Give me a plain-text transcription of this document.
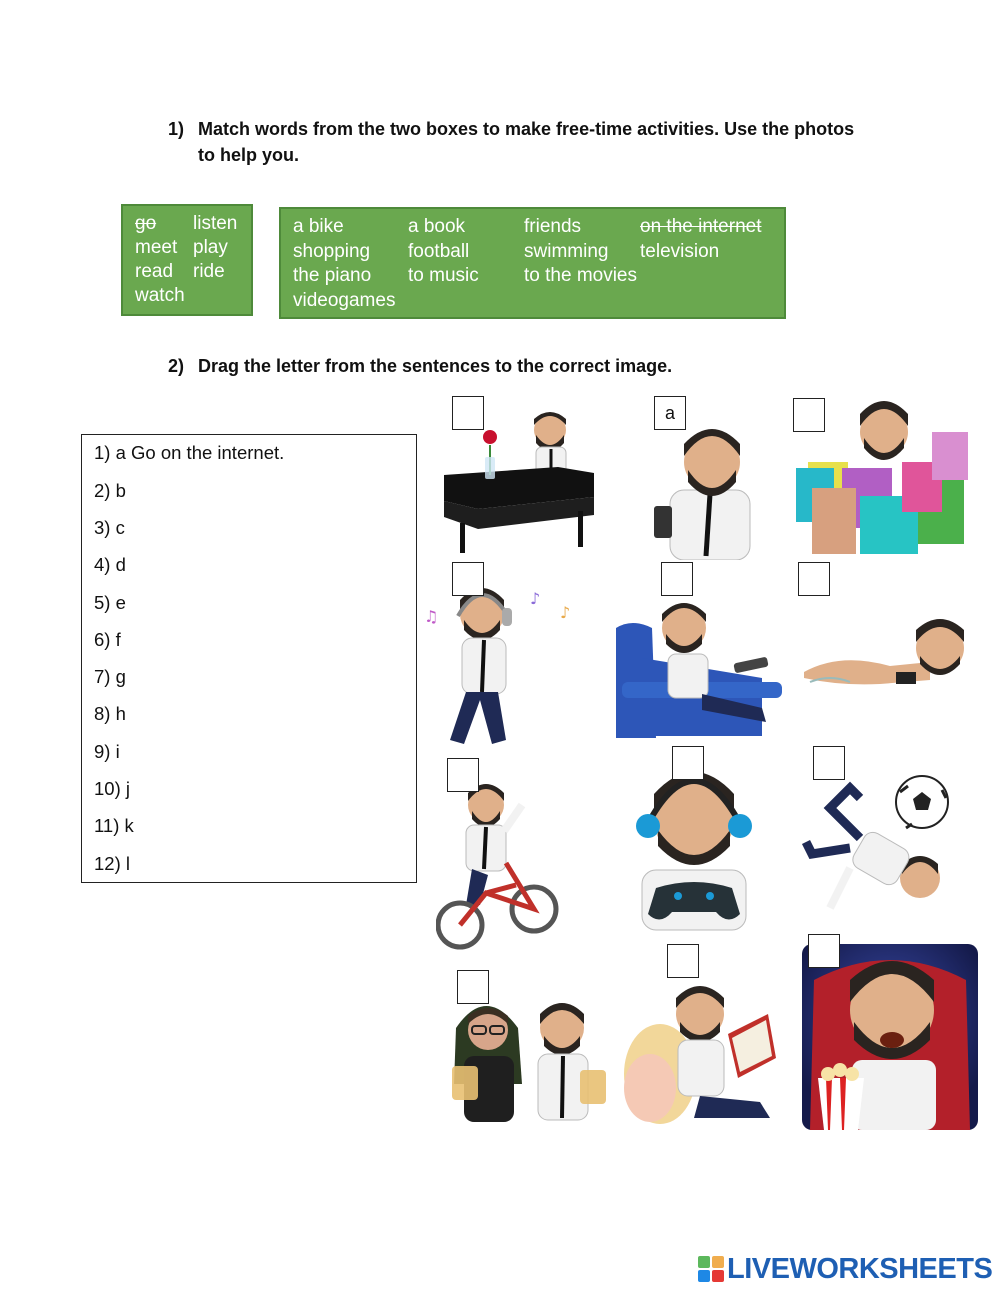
1) Match words from the two boxes to make free-time activities. Use the photos to help you.
go	listen
meet play
read	ride
watch
a bike	a book	friends	on the internet
shopping	football	swimming	television
the piano	to music	to the movies
videogames
2) Drag the letter from the sentences to the correct image.
1) a Go on the internet.
2) b
3) c
4) d
5) e
6) f
7) g
8) h
9) i
10) j
11) k
12) l
a
♫
♪
♪
LIVEWORKSHEETS
